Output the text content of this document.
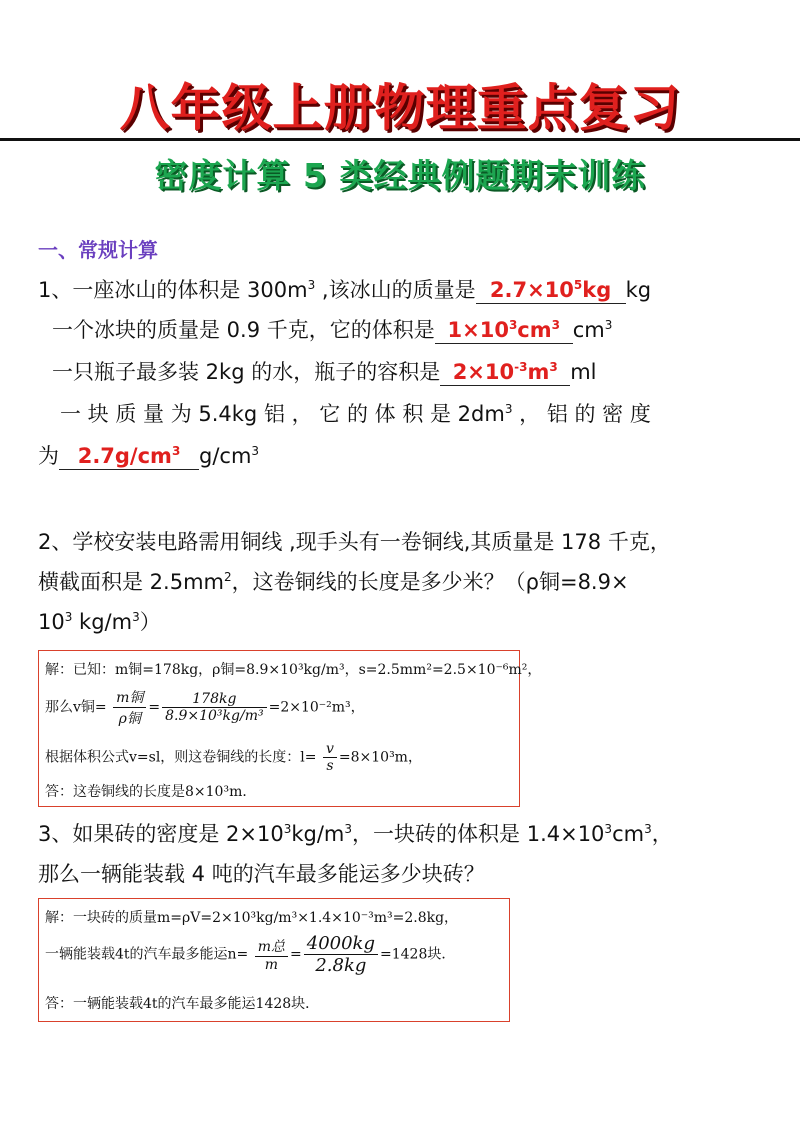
八年级上册物理重点复习
密度计算 5 类经典例题期末训练
一、常规计算
1、一座冰山的体积是 $300m^3$ ,该冰山的质量是 $2.7\times 10^5kg$ kg
一个冰块的质量是 0.9 千克，它的体积是 $1\times 10^3cm^3$ $cm^3$
一只瓶子最多装 2kg 的水，瓶子的容积是 $2\times 10^{-3}m^3$ ml
一 块 质 量 为 5.4kg 铝 ， 它 的 体 积 是 $2dm^3$ ， 铝 的 密 度
为 $2.7g/cm^3$ $g/cm^3$
2、学校安装电路需用铜线 ,现手头有一卷铜线,其质量是 178 千克，
横截面积是 $2.5mm^2$，这卷铜线的长度是多少米？（ρ铜=8.9×
$10^3$ $kg/m^3$）
解：已知：m铜=178kg，ρ铜=8.9×10³kg/m³，s=2.5mm²=2.5×10⁻⁶m²，
那么v铜= $\frac{\text{m铜}}{\text{ρ铜}} = \frac{178kg}{\text{8.9×10³kg/m³}} =2\times 10^{-2}m^3$，
根据体积公式v=sl，则这卷铜线的长度：$l= \frac{v}{s} =8\times 10^3m$，
答：这卷铜线的长度是8×10³m．
3、如果砖的密度是 $2\times 10^3kg/m^3$，一块砖的体积是 $1.4\times 10^3cm^3$，
那么一辆能装载 4 吨的汽车最多能运多少块砖？
解：一块砖的质量m=ρV=2×10³kg/m³×1.4×10⁻³m³=2.8kg，
一辆能装载4t的汽车最多能运$n= \frac{\text{m总}}{m} = \frac{4000kg}{2.8kg} =1428$块．
答：一辆能装载4t的汽车最多能运1428块．
